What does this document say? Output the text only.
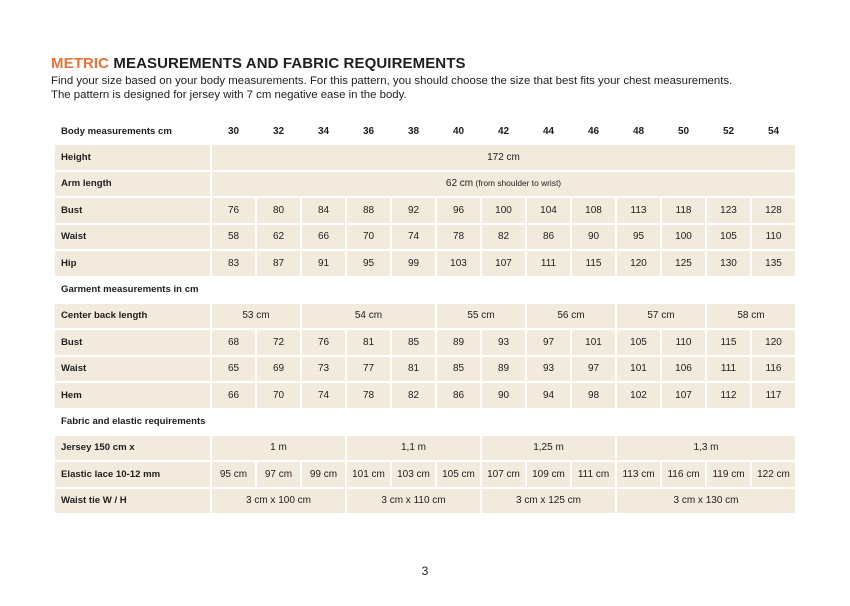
METRIC MEASUREMENTS AND FABRIC REQUIREMENTS
Find your size based on your body measurements. For this pattern, you should choose the size that best fits your chest measurements.
The pattern is designed for jersey with 7 cm negative ease in the body.
Body measurements cm	30	32	34	36	38	40	42	44	46	48	50	52	54
Height	172 cm												
Arm length	62 cm (from shoulder to wrist)												
Bust	76	80	84	88	92	96	100	104	108	113	118	123	128
Waist	58	62	66	70	74	78	82	86	90	95	100	105	110
Hip	83	87	91	95	99	103	107	111	115	120	125	130	135
Garment measurements in cm													
Center back length	53 cm		54 cm			55 cm		56 cm		57 cm		58 cm	
Bust	68	72	76	81	85	89	93	97	101	105	110	115	120
Waist	65	69	73	77	81	85	89	93	97	101	106	111	116
Hem	66	70	74	78	82	86	90	94	98	102	107	112	117
Fabric and elastic requirements													
Jersey 150 cm x	1 m			1,1 m			1,25 m			1,3 m			
Elastic lace 10-12 mm	95 cm	97 cm	99 cm	101 cm	103 cm	105 cm	107 cm	109 cm	111 cm	113 cm	116 cm	119 cm	122 cm
Waist tie W / H	3 cm x 100 cm			3 cm x 110 cm			3 cm x 125 cm			3 cm x 130 cm			
3
